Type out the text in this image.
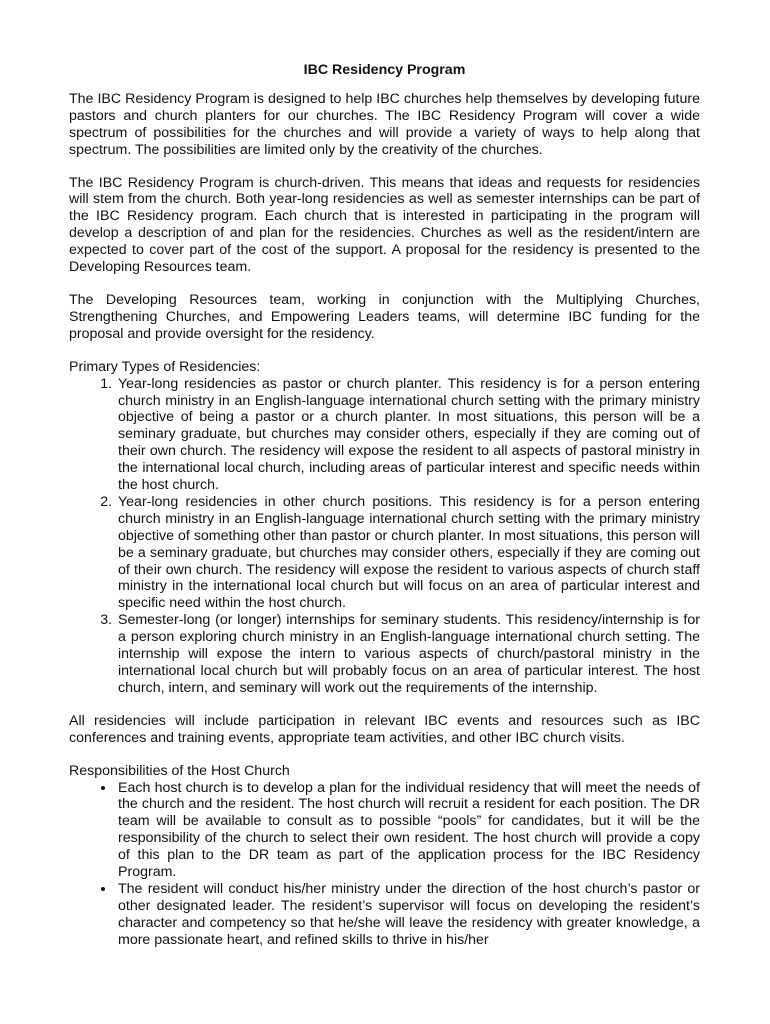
IBC Residency Program

The IBC Residency Program is designed to help IBC churches help themselves by developing future pastors and church planters for our churches. The IBC Residency Program will cover a wide spectrum of possibilities for the churches and will provide a variety of ways to help along that spectrum. The possibilities are limited only by the creativity of the churches.

The IBC Residency Program is church-driven. This means that ideas and requests for residencies will stem from the church. Both year-long residencies as well as semester internships can be part of the IBC Residency program. Each church that is interested in participating in the program will develop a description of and plan for the residencies. Churches as well as the resident/intern are expected to cover part of the cost of the support. A proposal for the residency is presented to the Developing Resources team.

The Developing Resources team, working in conjunction with the Multiplying Churches, Strengthening Churches, and Empowering Leaders teams, will determine IBC funding for the proposal and provide oversight for the residency.

Primary Types of Residencies:
1. Year-long residencies as pastor or church planter. This residency is for a person entering church ministry in an English-language international church setting with the primary ministry objective of being a pastor or a church planter. In most situations, this person will be a seminary graduate, but churches may consider others, especially if they are coming out of their own church. The residency will expose the resident to all aspects of pastoral ministry in the international local church, including areas of particular interest and specific needs within the host church.
2. Year-long residencies in other church positions. This residency is for a person entering church ministry in an English-language international church setting with the primary ministry objective of something other than pastor or church planter. In most situations, this person will be a seminary graduate, but churches may consider others, especially if they are coming out of their own church. The residency will expose the resident to various aspects of church staff ministry in the international local church but will focus on an area of particular interest and specific need within the host church.
3. Semester-long (or longer) internships for seminary students. This residency/internship is for a person exploring church ministry in an English-language international church setting. The internship will expose the intern to various aspects of church/pastoral ministry in the international local church but will probably focus on an area of particular interest. The host church, intern, and seminary will work out the requirements of the internship.

All residencies will include participation in relevant IBC events and resources such as IBC conferences and training events, appropriate team activities, and other IBC church visits.

Responsibilities of the Host Church
• Each host church is to develop a plan for the individual residency that will meet the needs of the church and the resident. The host church will recruit a resident for each position. The DR team will be available to consult as to possible “pools” for candidates, but it will be the responsibility of the church to select their own resident. The host church will provide a copy of this plan to the DR team as part of the application process for the IBC Residency Program.
• The resident will conduct his/her ministry under the direction of the host church’s pastor or other designated leader. The resident’s supervisor will focus on developing the resident’s character and competency so that he/she will leave the residency with greater knowledge, a more passionate heart, and refined skills to thrive in his/her
